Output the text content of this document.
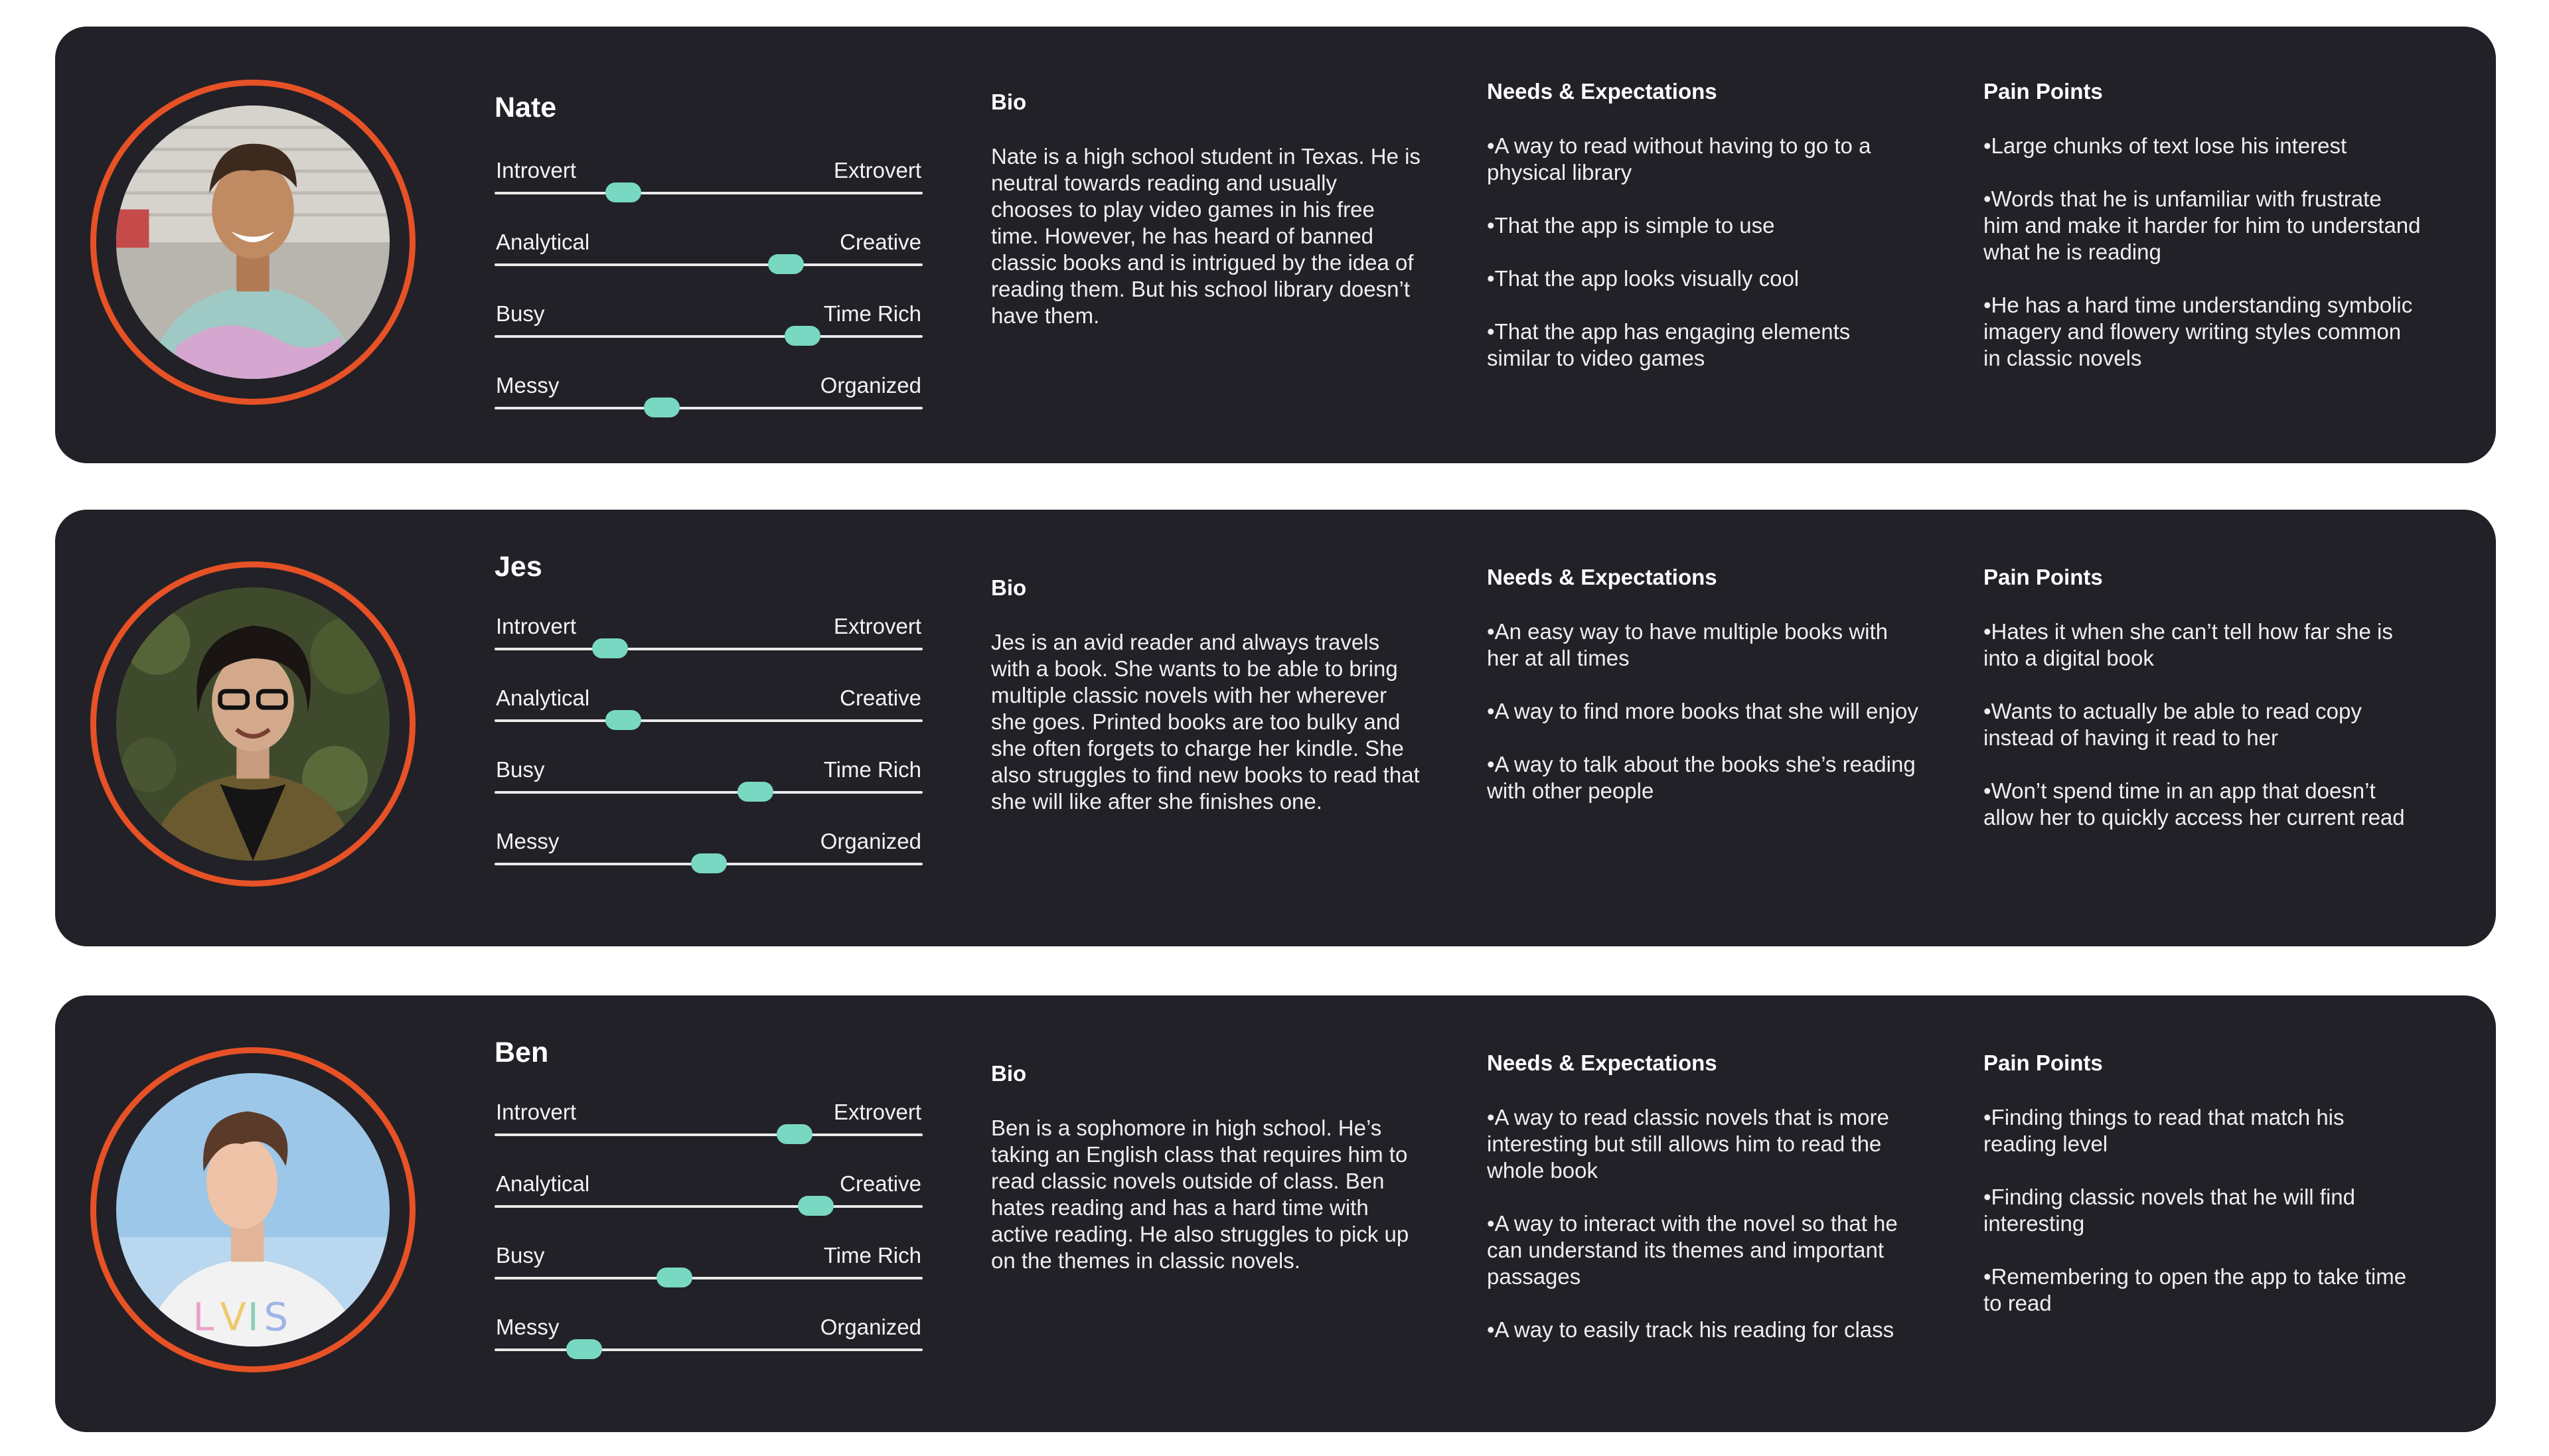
Nate
Introvert	Extrovert
Analytical	Creative
Busy	Time Rich
Messy	Organized
Bio
Nate is a high school student in Texas. He is neutral towards reading and usually chooses to play video games in his free time. However, he has heard of banned classic books and is intrigued by the idea of reading them. But his school library doesn’t have them.
Needs & Expectations
•A way to read without having to go to a physical library
•That the app is simple to use
•That the app looks visually cool
•That the app has engaging elements similar to video games
Pain Points
•Large chunks of text lose his interest
•Words that he is unfamiliar with frustrate him and make it harder for him to understand what he is reading
•He has a hard time understanding symbolic imagery and flowery writing styles common in classic novels
Jes
Introvert	Extrovert
Analytical	Creative
Busy	Time Rich
Messy	Organized
Bio
Jes is an avid reader and always travels with a book. She wants to be able to bring multiple classic novels with her wherever she goes. Printed books are too bulky and she often forgets to charge her kindle. She also struggles to find new books to read that she will like after she finishes one.
Needs & Expectations
•An easy way to have multiple books with her at all times
•A way to find more books that she will enjoy
•A way to talk about the books she’s reading with other people
Pain Points
•Hates it when she can’t tell how far she is into a digital book
•Wants to actually be able to read copy instead of having it read to her
•Won’t spend time in an app that doesn’t allow her to quickly access her current read
L V I S
Ben
Introvert	Extrovert
Analytical	Creative
Busy	Time Rich
Messy	Organized
Bio
Ben is a sophomore in high school. He’s taking an English class that requires him to read classic novels outside of class. Ben hates reading and has a hard time with active reading. He also struggles to pick up on the themes in classic novels.
Needs & Expectations
•A way to read classic novels that is more interesting but still allows him to read the whole book
•A way to interact with the novel so that he can understand its themes and important passages
•A way to easily track his reading for class
Pain Points
•Finding things to read that match his reading level
•Finding classic novels that he will find interesting
•Remembering to open the app to take time to read
